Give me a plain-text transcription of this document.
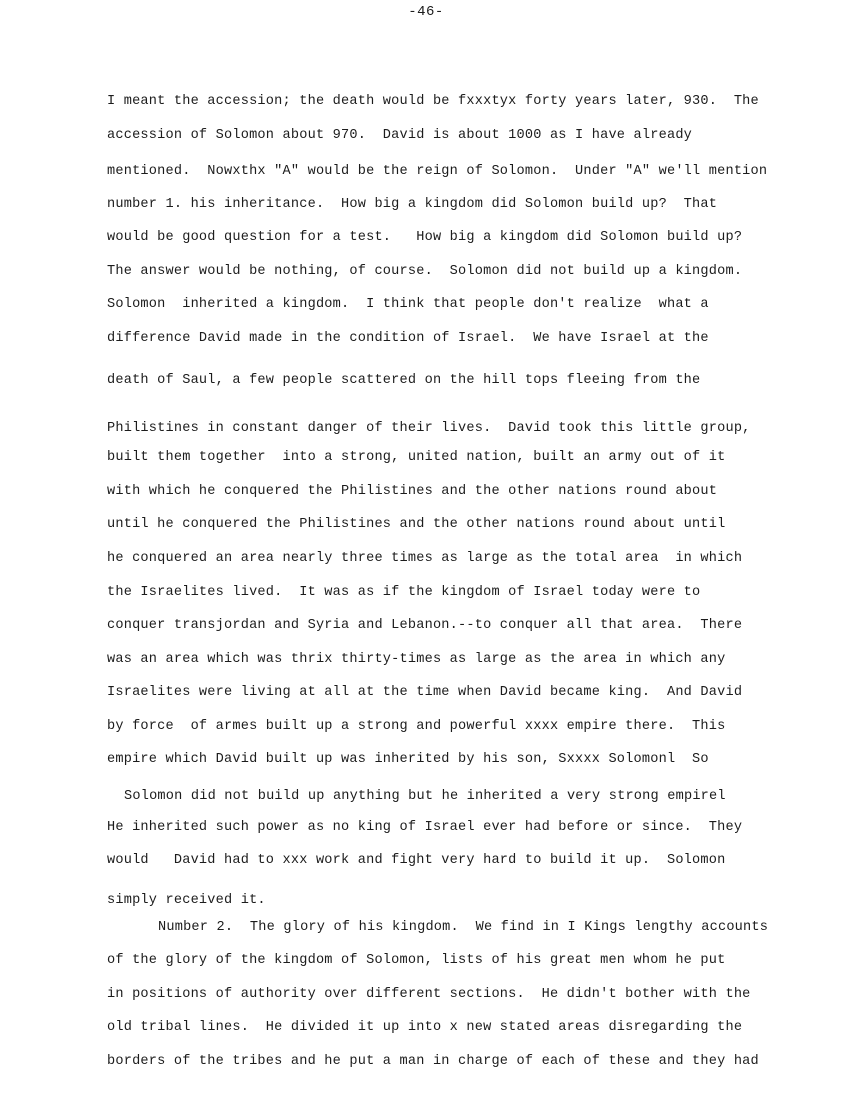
-46-
I meant the accession; the death would be fxxxtyx forty years later, 930.  The
accession of Solomon about 970.  David is about 1000 as I have already
mentioned.  Nowxthx "A" would be the reign of Solomon.  Under "A" we'll mention
number 1. his inheritance.  How big a kingdom did Solomon build up?  That
would be good question for a test.   How big a kingdom did Solomon build up?
The answer would be nothing, of course.  Solomon did not build up a kingdom.
Solomon  inherited a kingdom.  I think that people don't realize  what a
difference David made in the condition of Israel.  We have Israel at the
death of Saul, a few people scattered on the hill tops fleeing from the
Philistines in constant danger of their lives.  David took this little group,
built them together  into a strong, united nation, built an army out of it
with which he conquered the Philistines and the other nations round about
until he conquered the Philistines and the other nations round about until
he conquered an area nearly three times as large as the total area  in which
the Israelites lived.  It was as if the kingdom of Israel today were to
conquer transjordan and Syria and Lebanon.--to conquer all that area.  There
was an area which was thrix thirty-times as large as the area in which any
Israelites were living at all at the time when David became king.  And David
by force  of armes built up a strong and powerful xxxx empire there.  This
empire which David built up was inherited by his son, Sxxxx Solomonl  So
Solomon did not build up anything but he inherited a very strong empirel
He inherited such power as no king of Israel ever had before or since.  They
would   David had to xxx work and fight very hard to build it up.  Solomon
simply received it.
Number 2.  The glory of his kingdom.  We find in I Kings lengthy accounts
of the glory of the kingdom of Solomon, lists of his great men whom he put
in positions of authority over different sections.  He didn't bother with the
old tribal lines.  He divided it up into x new stated areas disregarding the
borders of the tribes and he put a man in charge of each of these and they had
